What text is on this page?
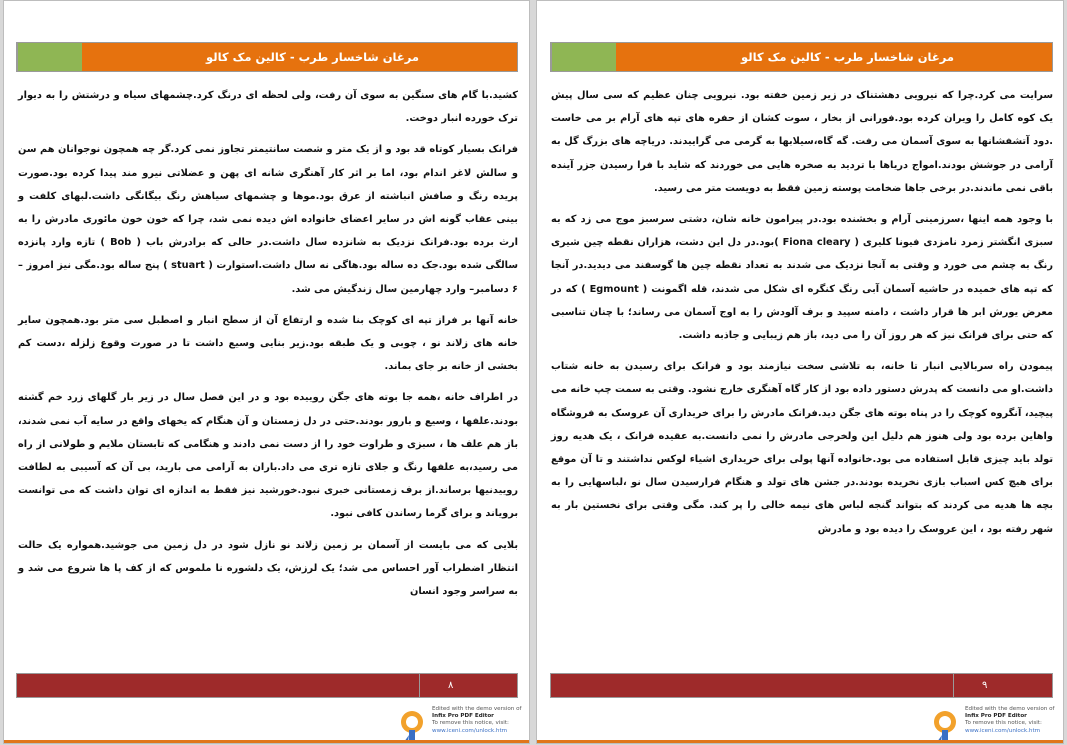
مرغان شاخسار طرب - کالین مک کالو

کشید.با گام های سنگین به سوی آن رفت، ولی لحظه ای درنگ کرد.چشمهای سیاه و درشتش را به دیوار ترک خورده انبار دوخت.

فرانک بسیار کوتاه قد بود و از یک متر و شصت سانتیمتر تجاوز نمی کرد.گر چه همچون نوجوانان هم سن و سالش لاغر اندام بود، اما بر اثر کار آهنگری شانه ای پهن و عضلاتی نیرو مند پیدا کرده بود.صورت پریده رنگ و صافش انباشته از عرق بود.موها و چشمهای سیاهش رنگ بیگانگی داشت.لبهای کلفت و بینی عقاب گونه اش در سایر اعضای خانواده اش دیده نمی شد، چرا که خون خون مائوری مادرش را به ارث برده بود.فرانک نزدیک به شانزده سال داشت.در حالی که برادرش باب ( Bob ) تازه وارد پانزده سالگی شده بود.جک ده ساله بود.هاگی نه سال داشت.استوارت ( stuart ) پنج ساله بود.مگی نیز امروز – ۶ دسامبر– وارد چهارمین سال زندگیش می شد.

خانه آنها بر فراز تپه ای کوچک بنا شده و ارتفاع آن از سطح انبار و اصطبل سی متر بود.همچون سایر خانه های زلاند نو ، چوبی و یک طبقه بود.زیر بنایی وسیع داشت تا در صورت وقوع زلزله ،دست کم بخشی از خانه بر جای بماند.

در اطراف خانه ،همه جا بوته های جگن روییده بود و در این فصل سال در زیر بار گلهای زرد خم گشته بودند.علفها ، وسیع و بارور بودند.حتی در دل زمستان و آن هنگام که یخهای واقع در سایه آب نمی شدند، باز هم علف ها ، سبزی و طراوت خود را از دست نمی دادند و هنگامی که تابستان ملایم و طولانی از راه می رسید،به علفها رنگ و جلای تازه تری می داد.باران به آرامی می بارید، بی آن که آسیبی به لطافت روییدنیها برساند.از برف زمستانی خبری نبود.خورشید نیز فقط به اندازه ای توان داشت که می توانست برویاند و برای گرما رساندن کافی نبود.

بلایی که می بایست از آسمان بر زمین زلاند نو نازل شود در دل زمین می جوشید.همواره یک حالت انتظار اضطراب آور احساس می شد؛ یک لرزش، یک دلشوره نا ملموس که از کف پا ها شروع می شد و به سراسر وجود انسان

۸
Edited with the demo version of
Infix Pro PDF Editor
To remove this notice, visit:
www.iceni.com/unlock.htm
مرغان شاخسار طرب - کالین مک کالو

سرایت می کرد.چرا که نیرویی دهشتناک در زیر زمین خفته بود. نیرویی چنان عظیم که سی سال پیش یک کوه کامل را ویران کرده بود.فورانی از بخار ، سوت کشان از حفره های تپه های آرام بر می خاست .دود آتشفشانها به سوی آسمان می رفت. گه گاه،سیلابها به گرمی می گراییدند. دریاچه های بزرگ گل به آرامی در جوشش بودند.امواج دریاها با تردید به صخره هایی می خوردند که شاید با فرا رسیدن جزر آینده باقی نمی ماندند.در برخی جاها ضخامت پوسته زمین فقط به دویست متر می رسید.

با وجود همه اینها ،سرزمینی آرام و بخشنده بود.در پیرامون خانه شان، دشتی سرسبز موج می زد که به سبزی انگشتر زمرد نامزدی فیونا کلیری ( Fiona cleary )بود.در دل این دشت، هزاران نقطه چین شیری رنگ به چشم می خورد و وقتی به آنجا نزدیک می شدند به تعداد نقطه چین ها گوسفند می دیدید.در آنجا که تپه های خمیده در حاشیه آسمان آبی رنگ کنگره ای شکل می شدند، قله اگمونت ( Egmount ) که در معرض یورش ابر ها قرار داشت ، دامنه سپید و برف آلودش را به اوج آسمان می رساند؛ با چنان تناسبی که حتی برای فرانک نیز که هر روز آن را می دید، باز هم زیبایی و جاذبه داشت.

پیمودن راه سربالایی انبار تا خانه، به تلاشی سخت نیازمند بود و فرانک برای رسیدن به خانه شتاب داشت.او می دانست که پدرش دستور داده بود از کار گاه آهنگری خارج نشود. وقتی به سمت چپ خانه می پیچید، آنگروه کوچک را در پناه بوته های جگن دید.فرانک مادرش را برای خریداری آن عروسک به فروشگاه واهاین برده بود ولی هنوز هم دلیل این ولخرجی مادرش را نمی دانست.به عقیده فرانک ، یک هدیه روز تولد باید چیزی قابل استفاده می بود.خانواده آنها پولی برای خریداری اشیاء لوکس نداشتند و تا آن موقع برای هیچ کس اسباب بازی نخریده بودند.در جشن های تولد و هنگام فرارسیدن سال نو ،لباسهایی را به بچه ها هدیه می کردند که بتواند گنجه لباس های نیمه خالی را پر کند. مگی وقتی برای نخستین بار به شهر رفته بود ، این عروسک را دیده بود و مادرش

۹
Edited with the demo version of
Infix Pro PDF Editor
To remove this notice, visit:
www.iceni.com/unlock.htm
